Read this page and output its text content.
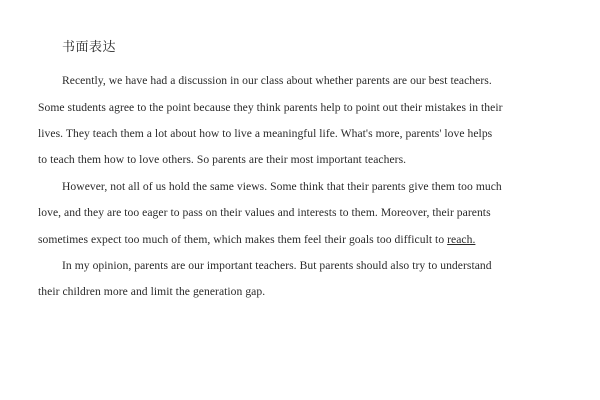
书面表达
Recently, we have had a discussion in our class about whether parents are our best teachers.
Some students agree to the point because they think parents help to point out their mistakes in their
lives. They teach them a lot about how to live a meaningful life. What's more, parents' love helps
to teach them how to love others. So parents are their most important teachers.
However, not all of us hold the same views. Some think that their parents give them too much
love, and they are too eager to pass on their values and interests to them. Moreover, their parents
sometimes expect too much of them, which makes them feel their goals too difficult to reach.
In my opinion, parents are our important teachers. But parents should also try to understand
their children more and limit the generation gap.
